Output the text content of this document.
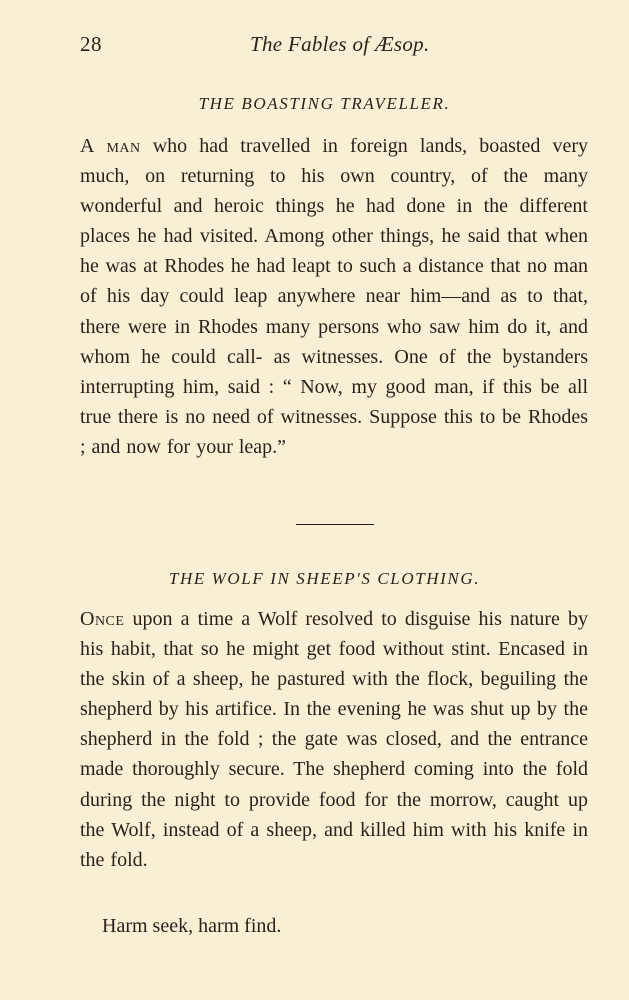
28	The Fables of Æsop.
THE BOASTING TRAVELLER.

A man who had travelled in foreign lands, boasted very much, on returning to his own country, of the many wonderful and heroic things he had done in the different places he had visited. Among other things, he said that when he was at Rhodes he had leapt to such a distance that no man of his day could leap anywhere near him—and as to that, there were in Rhodes many persons who saw him do it, and whom he could call- as witnesses. One of the bystanders interrupting him, said : “ Now, my good man, if this be all true there is no need of witnesses. Suppose this to be Rhodes ; and now for your leap.”

THE WOLF IN SHEEP'S CLOTHING.

Once upon a time a Wolf resolved to disguise his nature by his habit, that so he might get food without stint. Encased in the skin of a sheep, he pastured with the flock, beguiling the shepherd by his artifice. In the evening he was shut up by the shepherd in the fold ; the gate was closed, and the entrance made thoroughly secure. The shepherd coming into the fold during the night to provide food for the morrow, caught up the Wolf, instead of a sheep, and killed him with his knife in the fold.

Harm seek, harm find.
